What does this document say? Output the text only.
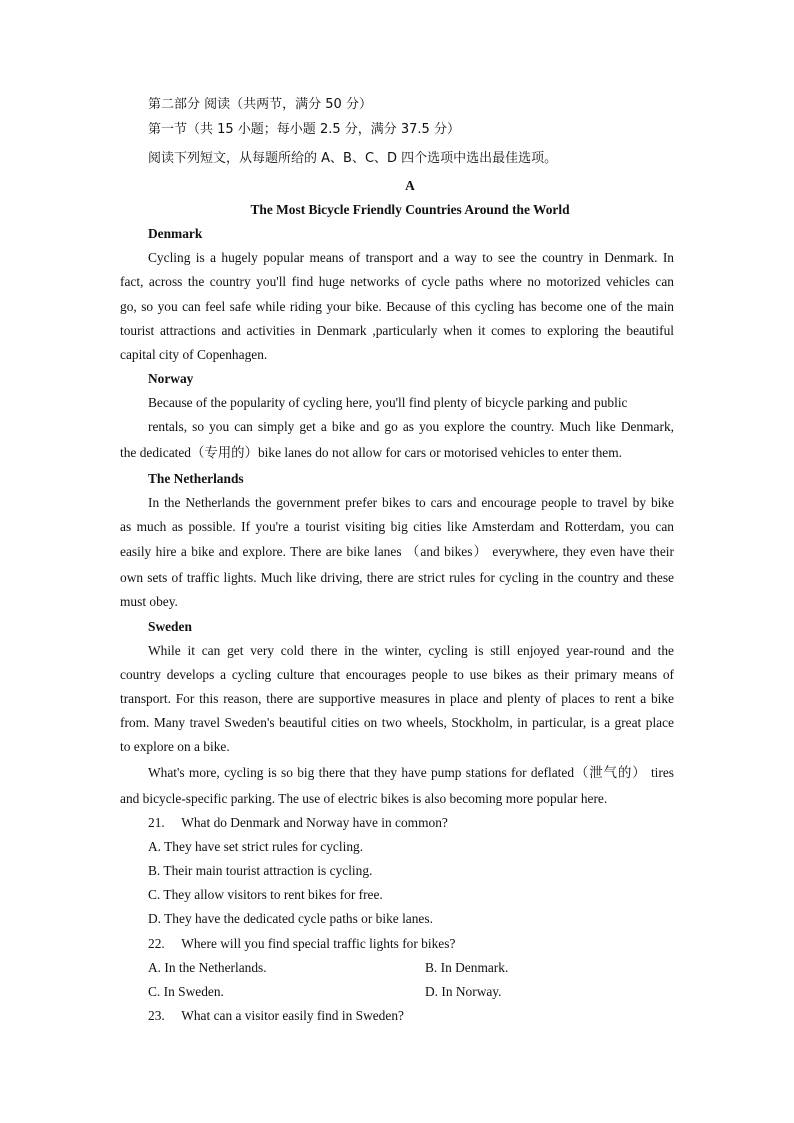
第二部分 阅读（共两节，满分 50 分）
第一节（共 15 小题；每小题 2.5 分，满分 37.5 分）
阅读下列短文，从每题所给的 A、B、C、D 四个选项中选出最佳选项。
A
The Most Bicycle Friendly Countries Around the World
Denmark
Cycling is a hugely popular means of transport and a way to see the country in Denmark. In
fact, across the country you'll find huge networks of cycle paths where no motorized vehicles can
go, so you can feel safe while riding your bike. Because of this cycling has become one of the main
tourist attractions and activities in Denmark ,particularly when it comes to exploring the beautiful
capital city of Copenhagen.
Norway
Because of the popularity of cycling here, you'll find plenty of bicycle parking and public
rentals, so you can simply get a bike and go as you explore the country. Much like Denmark,
the dedicated（专用的）bike lanes do not allow for cars or motorised vehicles to enter them.
The Netherlands
In the Netherlands the government prefer bikes to cars and encourage people to travel by bike
as much as possible. If you're a tourist visiting big cities like Amsterdam and Rotterdam, you can
easily hire a bike and explore. There are bike lanes （and bikes） everywhere, they even have their
own sets of traffic lights. Much like driving, there are strict rules for cycling in the country and these
must obey.
Sweden
While it can get very cold there in the winter, cycling is still enjoyed year-round and the
country develops a cycling culture that encourages people to use bikes as their primary means of
transport. For this reason, there are supportive measures in place and plenty of places to rent a bike
from. Many travel Sweden's beautiful cities on two wheels, Stockholm, in particular, is a great place
to explore on a bike.
What's more, cycling is so big there that they have pump stations for deflated（泄气的） tires
and bicycle-specific parking. The use of electric bikes is also becoming more popular here.
21. What do Denmark and Norway have in common?
A. They have set strict rules for cycling.
B. Their main tourist attraction is cycling.
C. They allow visitors to rent bikes for free.
D. They have the dedicated cycle paths or bike lanes.
22. Where will you find special traffic lights for bikes?
A. In the Netherlands.	B. In Denmark.
C. In Sweden.	D. In Norway.
23. What can a visitor easily find in Sweden?
